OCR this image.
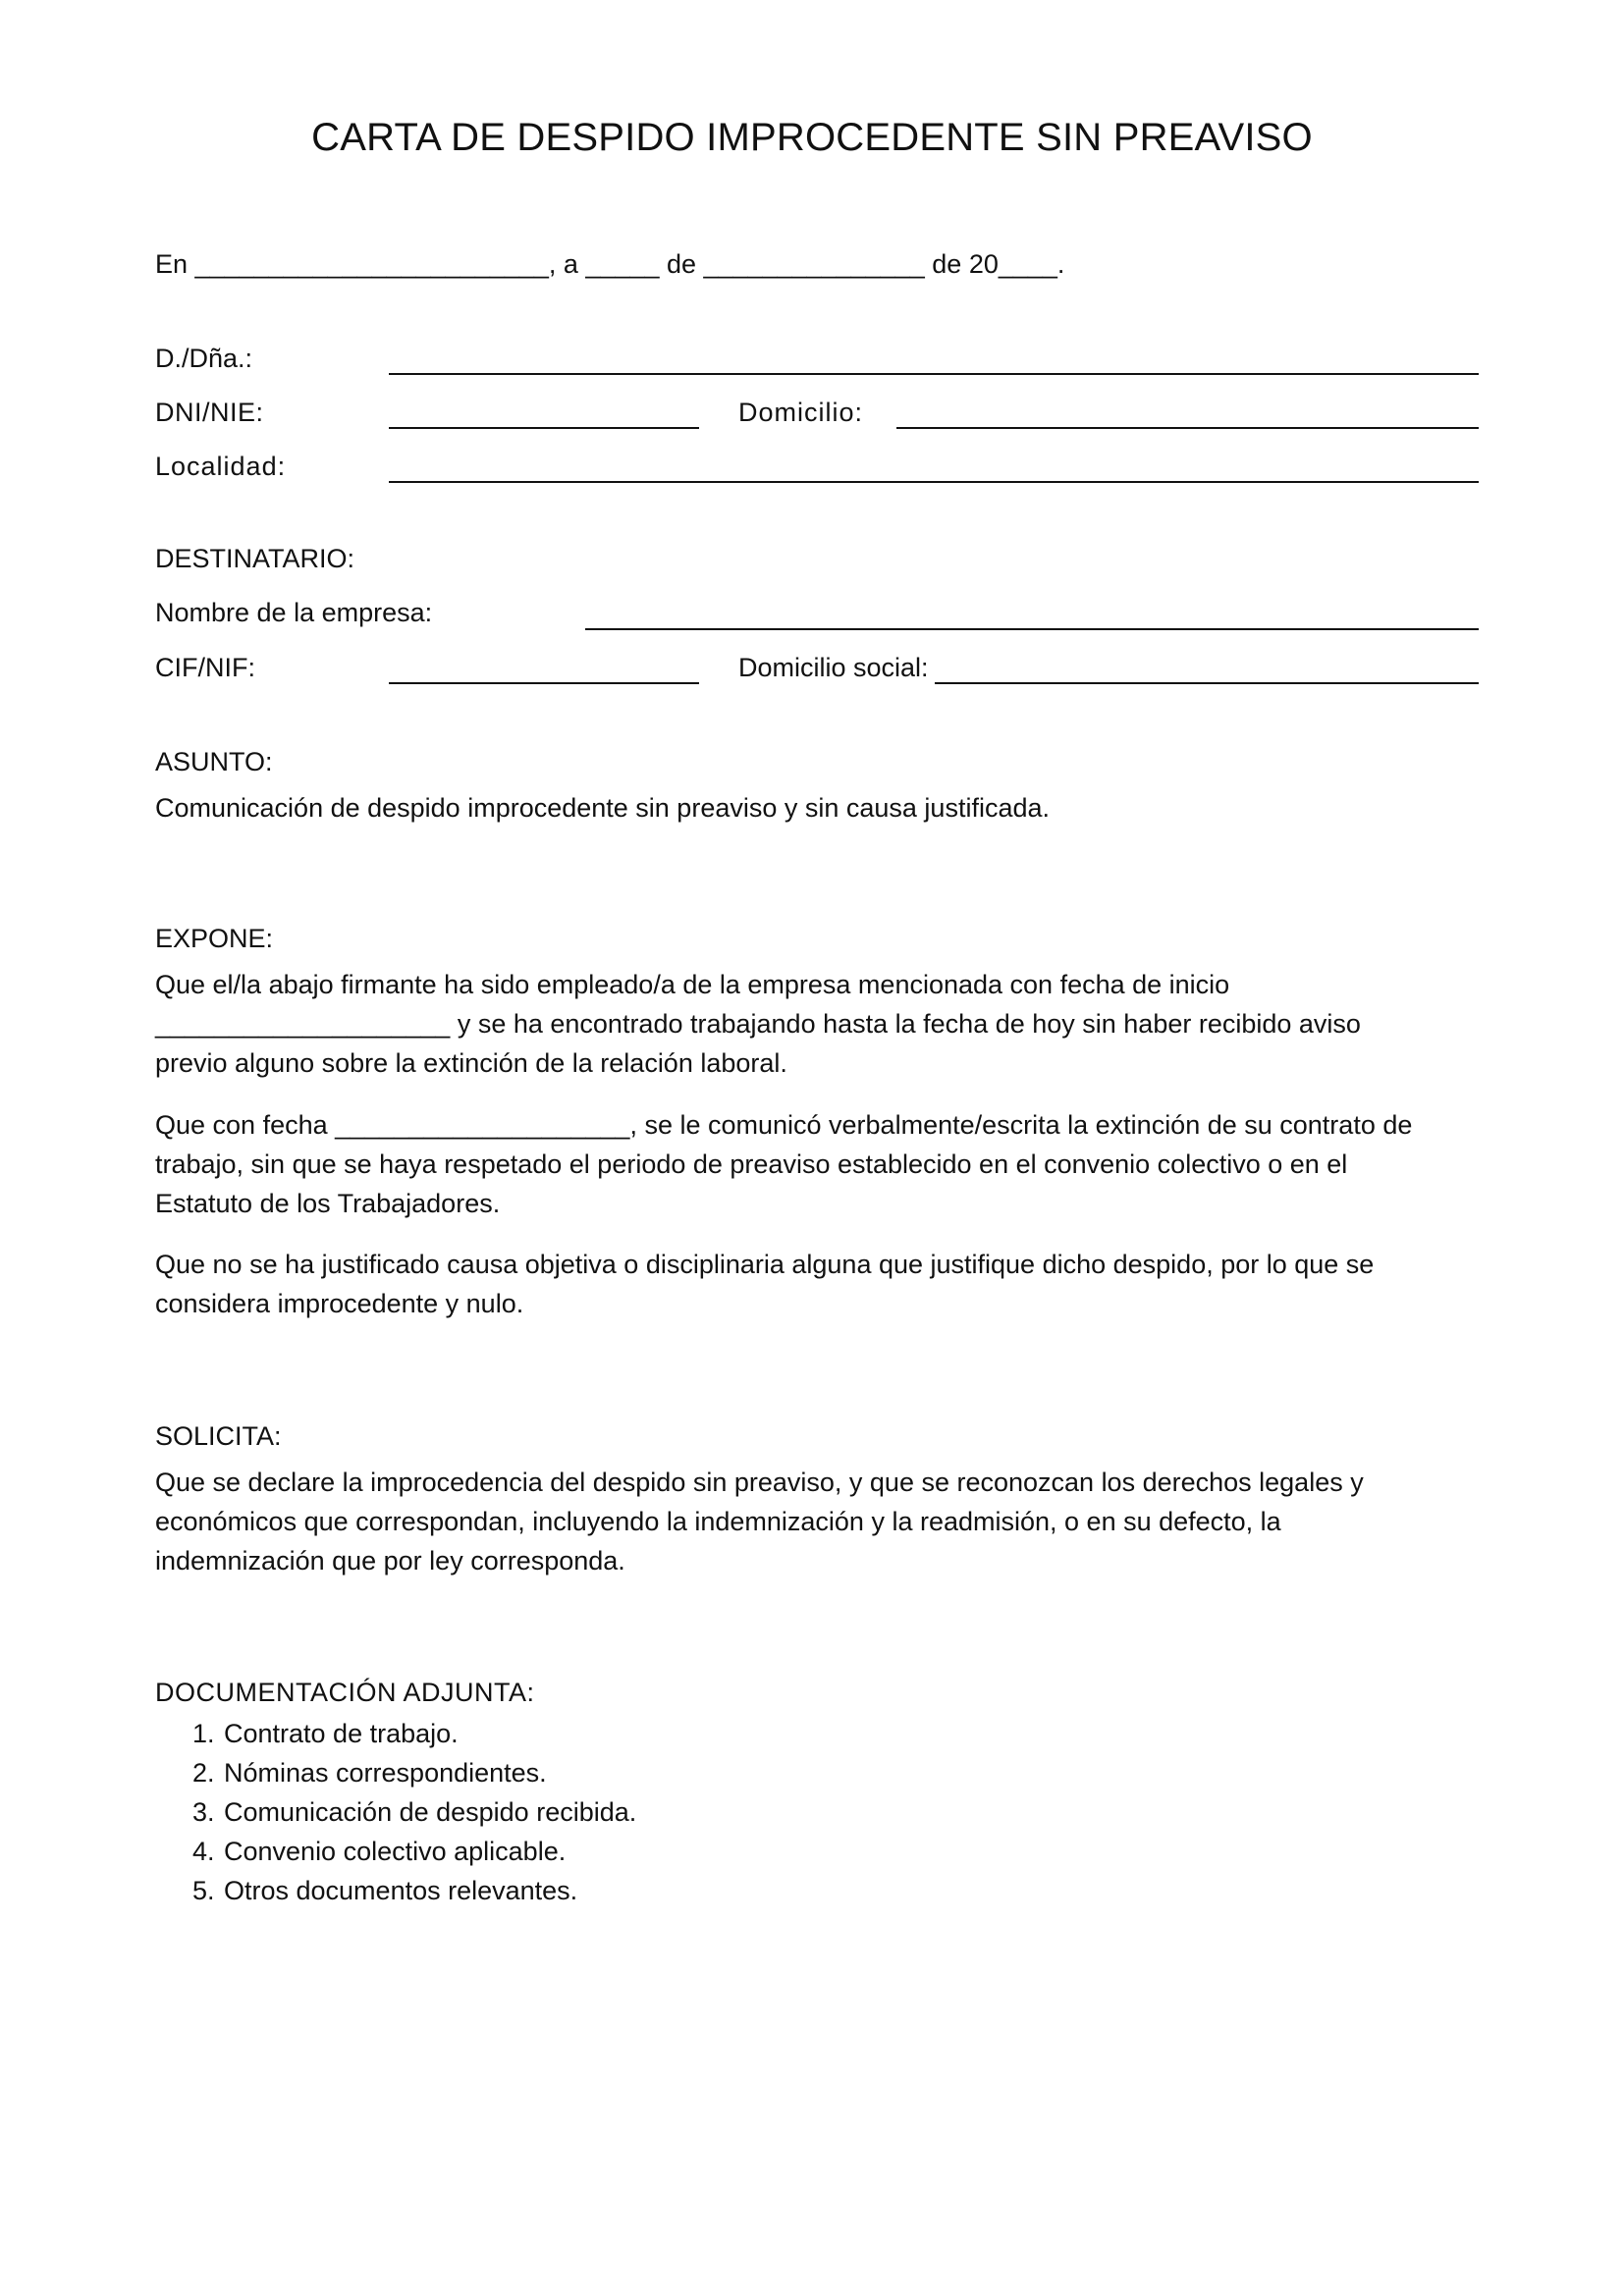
CARTA DE DESPIDO IMPROCEDENTE SIN PREAVISO
En ________________________, a _____ de _______________ de 20____.
D./Dña.:
DNI/NIE:	Domicilio:
Localidad:
DESTINATARIO:
Nombre de la empresa:
CIF/NIF:	Domicilio social:
ASUNTO:
Comunicación de despido improcedente sin preaviso y sin causa justificada.
EXPONE:
Que el/la abajo firmante ha sido empleado/a de la empresa mencionada con fecha de inicio
____________________ y se ha encontrado trabajando hasta la fecha de hoy sin haber recibido aviso
previo alguno sobre la extinción de la relación laboral.
Que con fecha ____________________, se le comunicó verbalmente/escrita la extinción de su contrato de
trabajo, sin que se haya respetado el periodo de preaviso establecido en el convenio colectivo o en el
Estatuto de los Trabajadores.
Que no se ha justificado causa objetiva o disciplinaria alguna que justifique dicho despido, por lo que se
considera improcedente y nulo.
SOLICITA:
Que se declare la improcedencia del despido sin preaviso, y que se reconozcan los derechos legales y
económicos que correspondan, incluyendo la indemnización y la readmisión, o en su defecto, la
indemnización que por ley corresponda.
DOCUMENTACIÓN ADJUNTA:
1. Contrato de trabajo.
2. Nóminas correspondientes.
3. Comunicación de despido recibida.
4. Convenio colectivo aplicable.
5. Otros documentos relevantes.
